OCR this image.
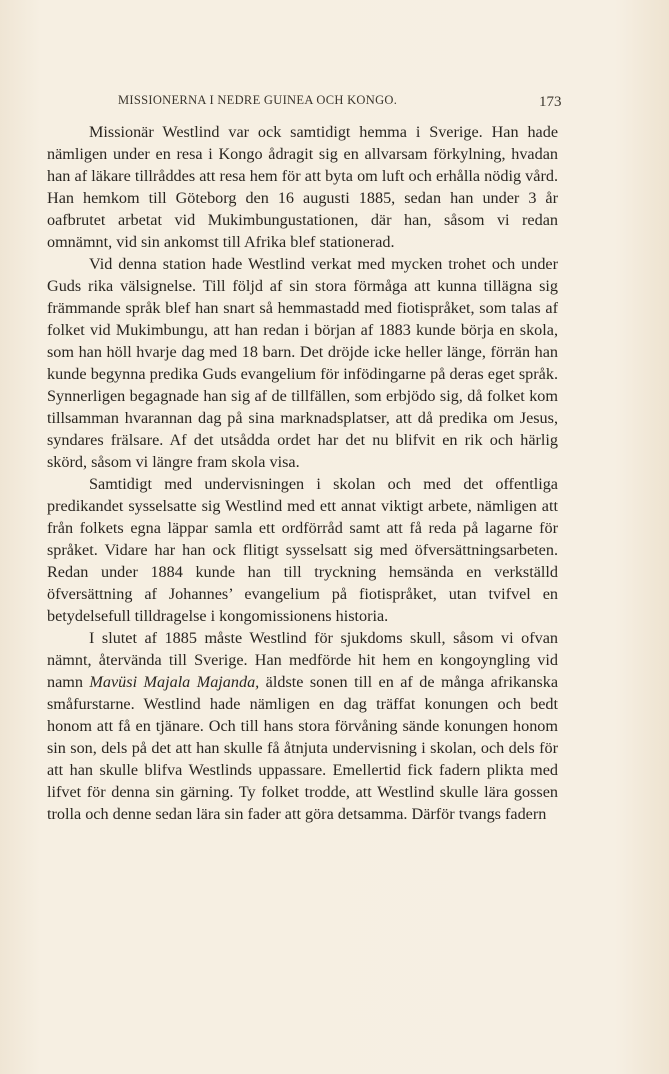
MISSIONERNA I NEDRE GUINEA OCH KONGO.	173

Missionär Westlind var ock samtidigt hemma i Sverige. Han hade nämligen under en resa i Kongo ådragit sig en allvarsam förkylning, hvadan han af läkare tillråddes att resa hem för att byta om luft och erhålla nödig vård. Han hemkom till Göteborg den 16 augusti 1885, sedan han under 3 år oafbrutet arbetat vid Mukimbungustationen, där han, såsom vi redan omnämnt, vid sin ankomst till Afrika blef stationerad.

Vid denna station hade Westlind verkat med mycken trohet och under Guds rika välsignelse. Till följd af sin stora förmåga att kunna tillägna sig främmande språk blef han snart så hemmastadd med fiotispråket, som talas af folket vid Mukimbungu, att han redan i början af 1883 kunde börja en skola, som han höll hvarje dag med 18 barn. Det dröjde icke heller länge, förrän han kunde begynna predika Guds evangelium för infödingarne på deras eget språk. Synnerligen begagnade han sig af de tillfällen, som erbjödo sig, då folket kom tillsamman hvarannan dag på sina marknadsplatser, att då predika om Jesus, syndares frälsare. Af det utsådda ordet har det nu blifvit en rik och härlig skörd, såsom vi längre fram skola visa.

Samtidigt med undervisningen i skolan och med det offentliga predikandet sysselsatte sig Westlind med ett annat viktigt arbete, nämligen att från folkets egna läppar samla ett ordförråd samt att få reda på lagarne för språket. Vidare har han ock flitigt sysselsatt sig med öfversättningsarbeten. Redan under 1884 kunde han till tryckning hemsända en verkställd öfversättning af Johannes’ evangelium på fiotispråket, utan tvifvel en betydelsefull tilldragelse i kongomissionens historia.

I slutet af 1885 måste Westlind för sjukdoms skull, såsom vi ofvan nämnt, återvända till Sverige. Han medförde hit hem en kongoyngling vid namn Mavüsi Majala Majanda, äldste sonen till en af de många afrikanska småfurstarne. Westlind hade nämligen en dag träffat konungen och bedt honom att få en tjänare. Och till hans stora förvåning sände konungen honom sin son, dels på det att han skulle få åtnjuta undervisning i skolan, och dels för att han skulle blifva Westlinds uppassare. Emellertid fick fadern plikta med lifvet för denna sin gärning. Ty folket trodde, att Westlind skulle lära gossen trolla och denne sedan lära sin fader att göra detsamma. Därför tvangs fadern
